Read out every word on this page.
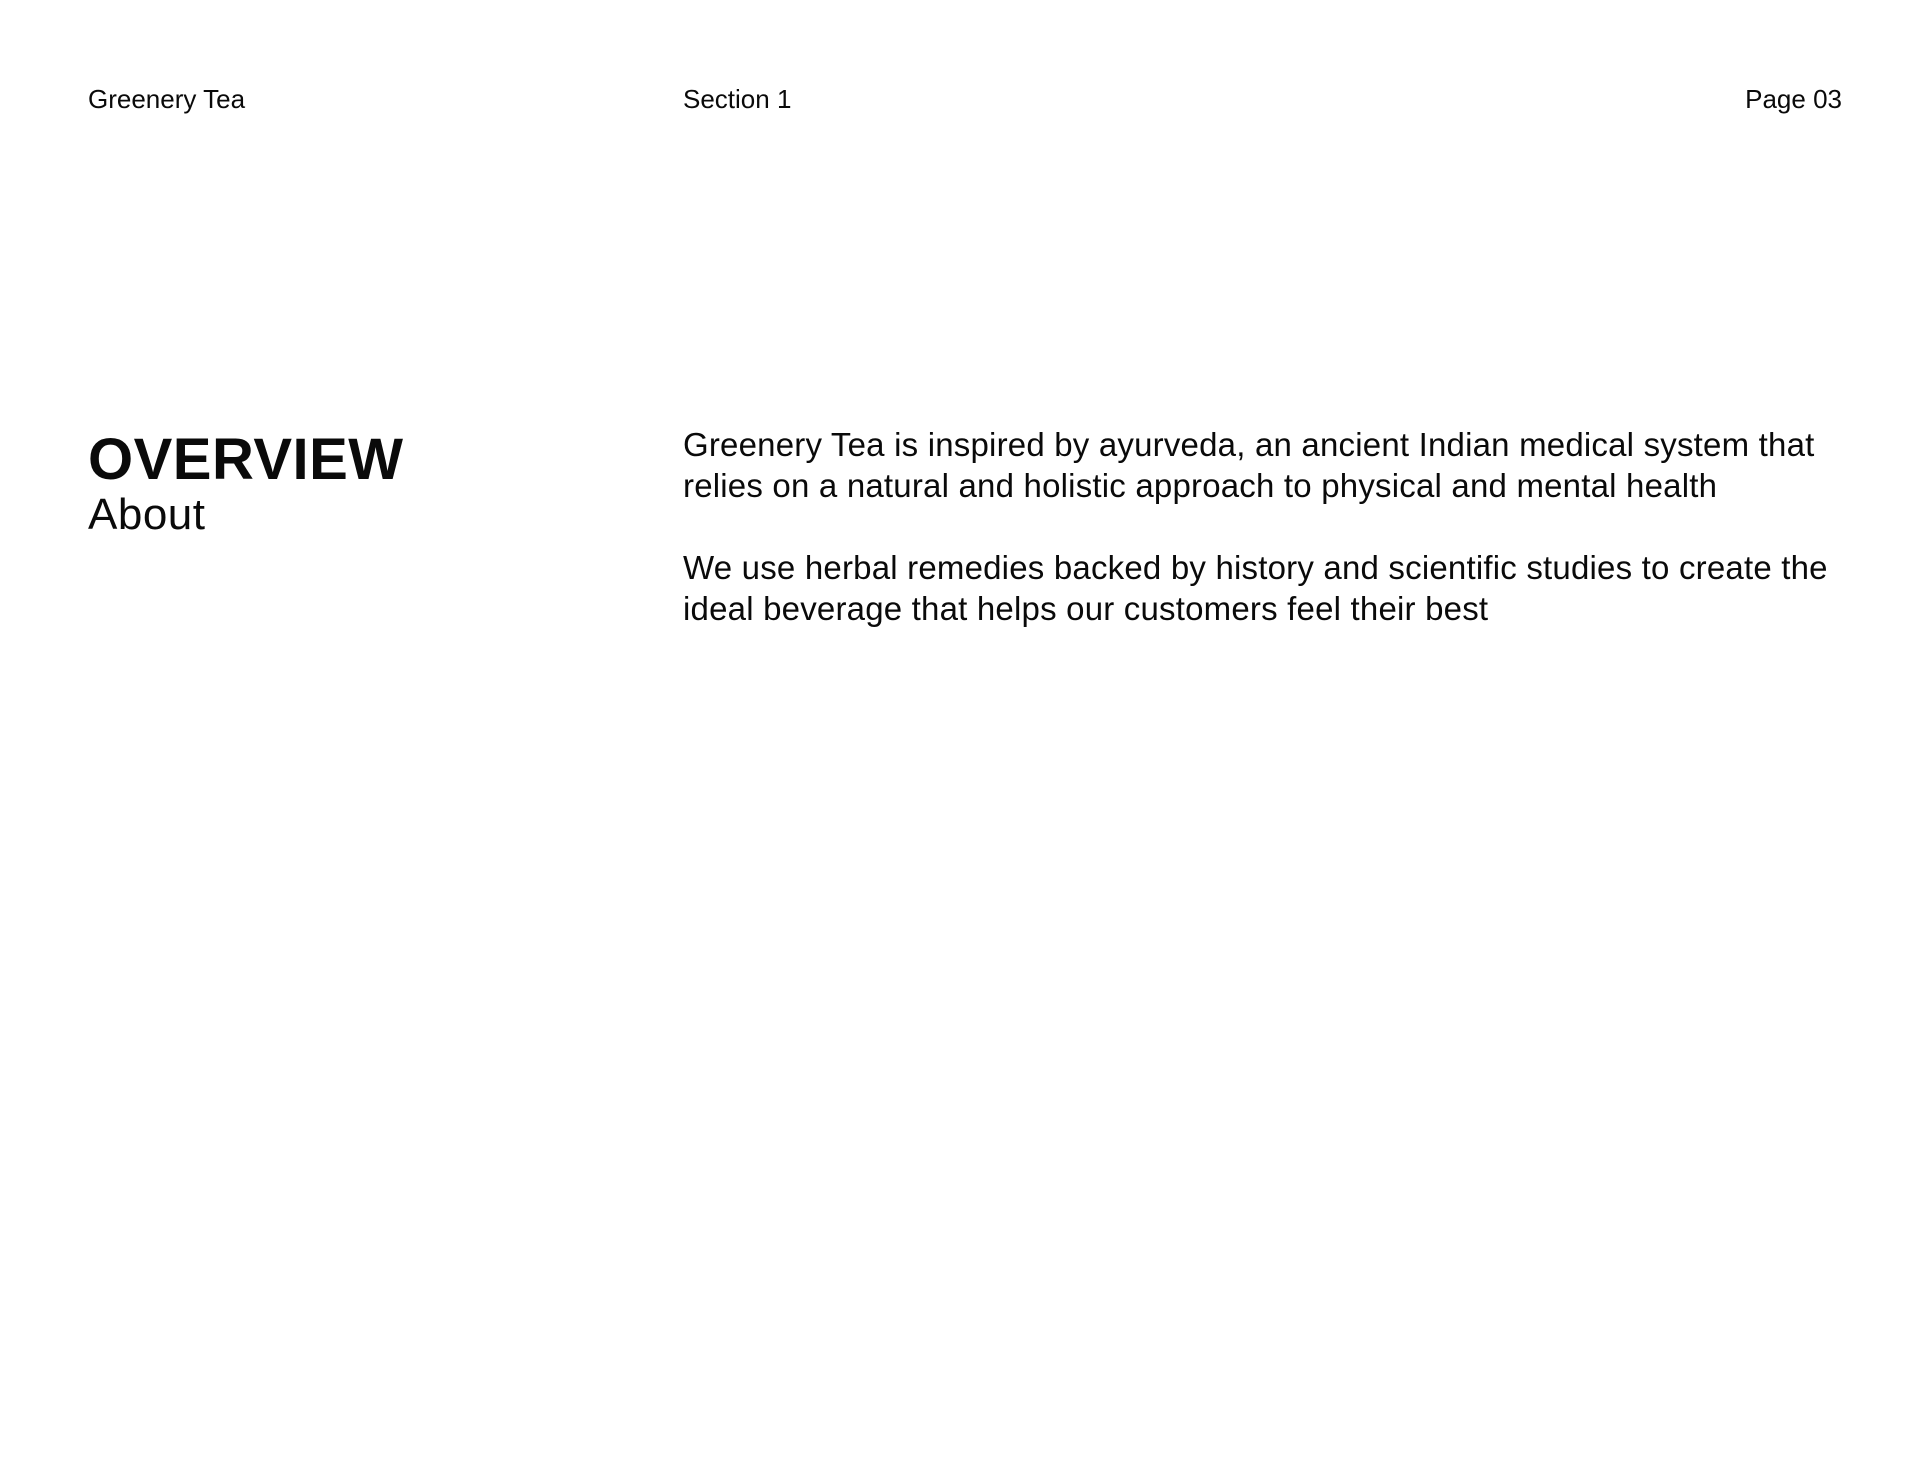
Greenery Tea	Section 1	Page 03
OVERVIEW
About

Greenery Tea is inspired by ayurveda, an ancient Indian medical system that relies on a natural and holistic approach to physical and mental health

We use herbal remedies backed by history and scientific studies to create the ideal beverage that helps our customers feel their best
